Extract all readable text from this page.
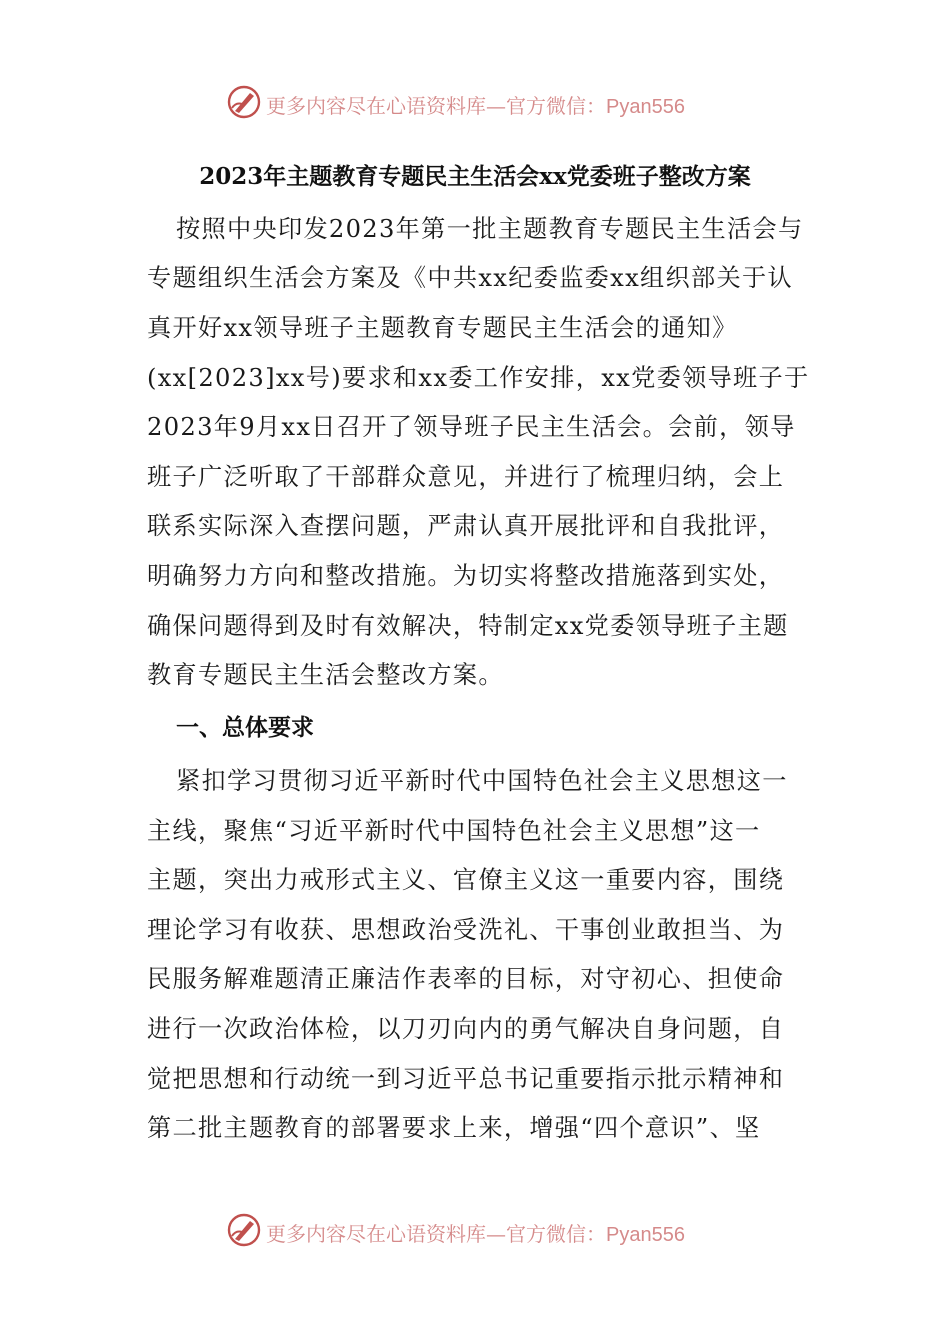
更多内容尽在心语资料库—官方微信：Pyan556
2023年主题教育专题民主生活会xx党委班子整改方案
按照中央印发2023年第一批主题教育专题民主生活会与
专题组织生活会方案及《中共xx纪委监委xx组织部关于认
真开好xx领导班子主题教育专题民主生活会的通知》
(xx[2023]xx号)要求和xx委工作安排，xx党委领导班子于
2023年9月xx日召开了领导班子民主生活会。会前，领导
班子广泛听取了干部群众意见，并进行了梳理归纳，会上
联系实际深入查摆问题，严肃认真开展批评和自我批评，
明确努力方向和整改措施。为切实将整改措施落到实处，
确保问题得到及时有效解决，特制定xx党委领导班子主题
教育专题民主生活会整改方案。
一、总体要求
紧扣学习贯彻习近平新时代中国特色社会主义思想这一
主线，聚焦“习近平新时代中国特色社会主义思想”这一
主题，突出力戒形式主义、官僚主义这一重要内容，围绕
理论学习有收获、思想政治受洗礼、干事创业敢担当、为
民服务解难题清正廉洁作表率的目标，对守初心、担使命
进行一次政治体检，以刀刃向内的勇气解决自身问题，自
觉把思想和行动统一到习近平总书记重要指示批示精神和
第二批主题教育的部署要求上来，增强“四个意识”、坚
更多内容尽在心语资料库—官方微信：Pyan556
